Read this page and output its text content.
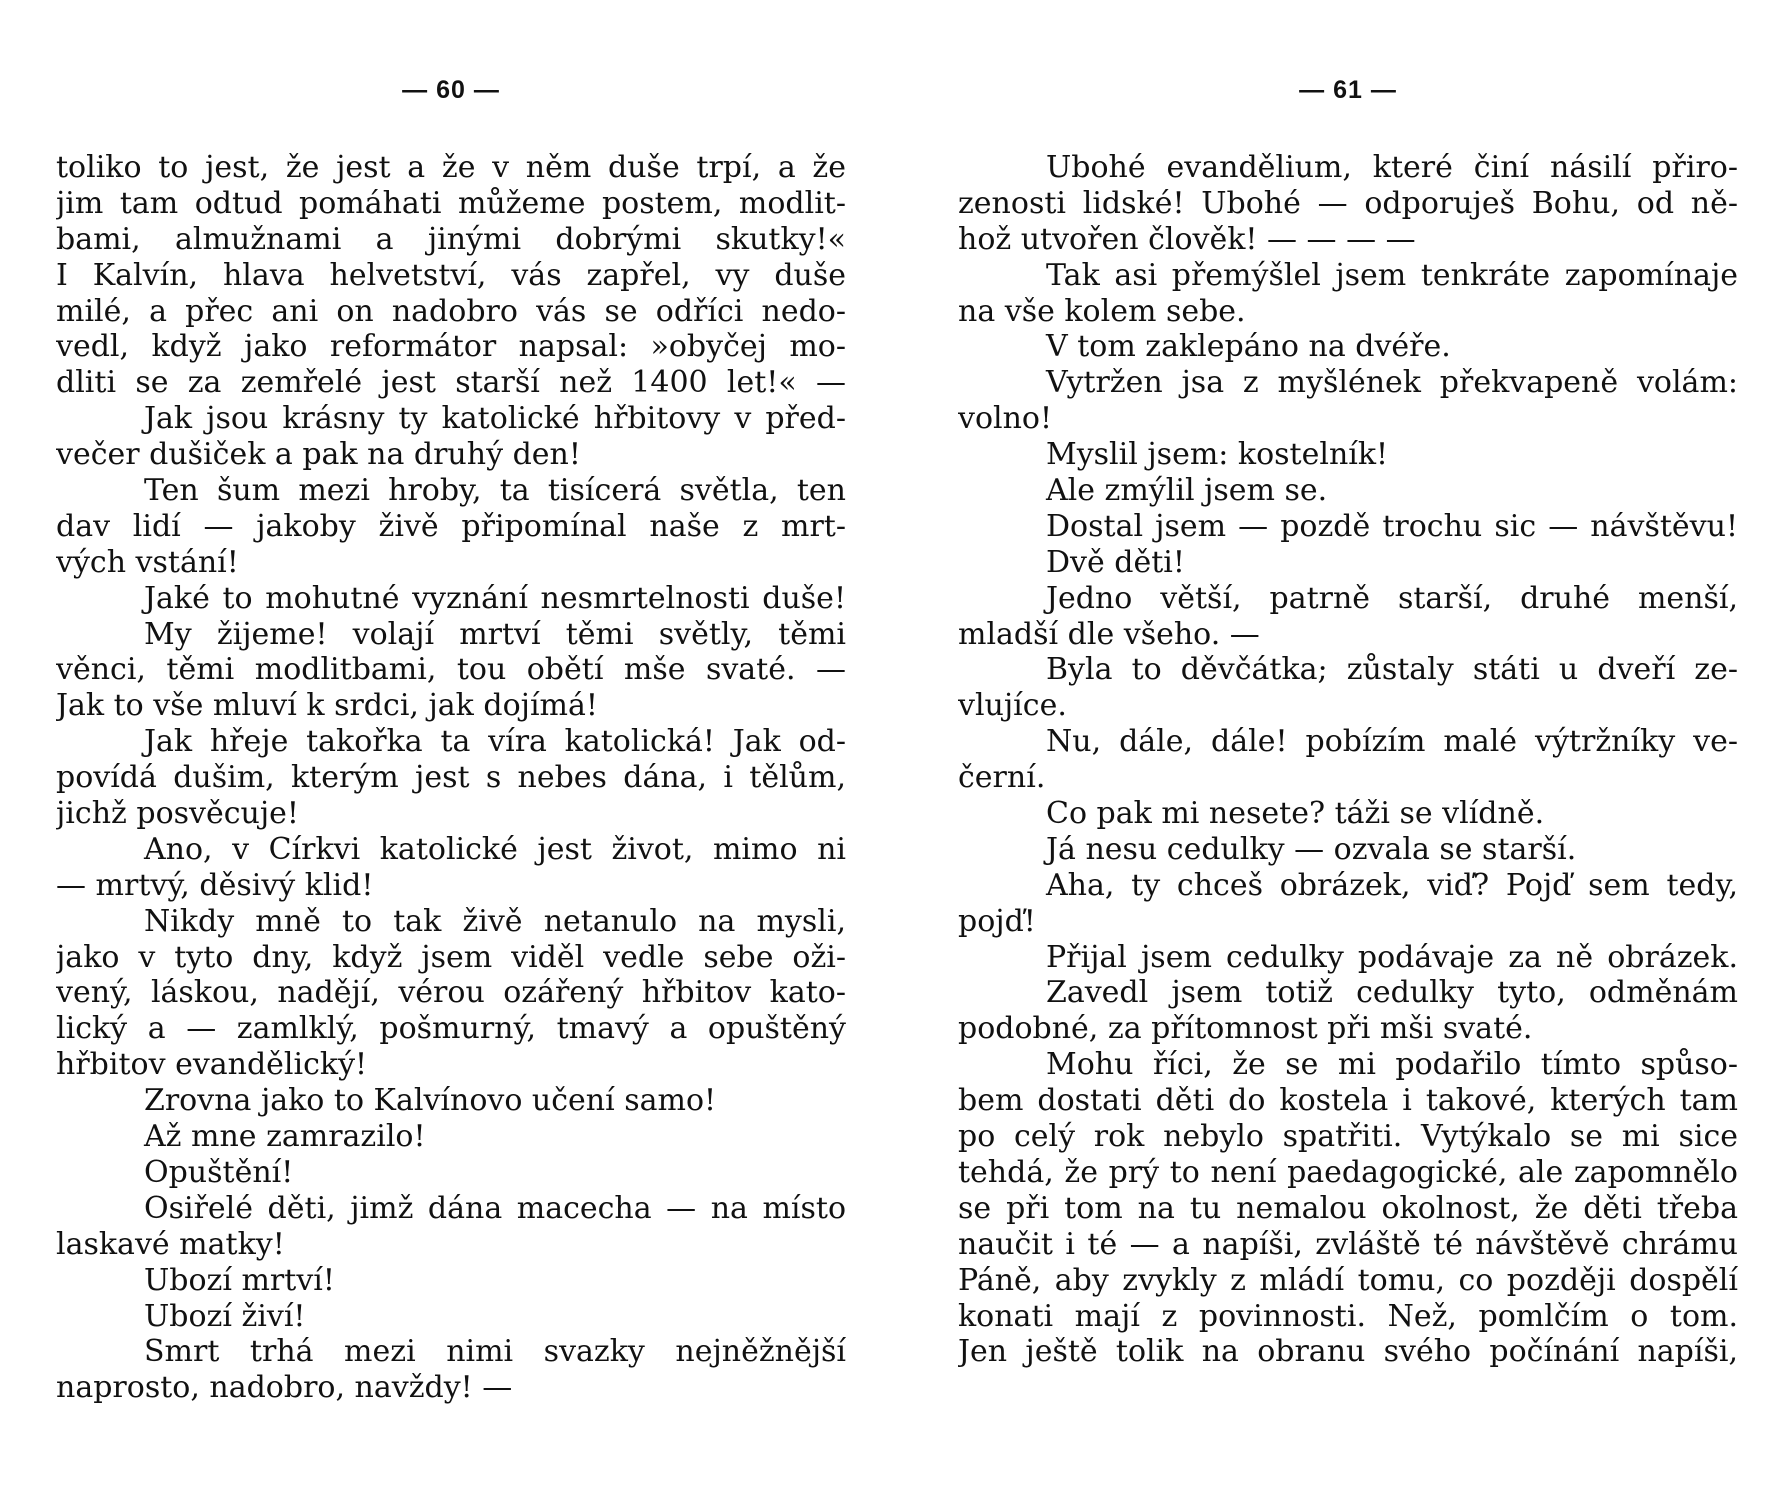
— 60 —
toliko to jest, že jest a že v něm duše trpí, a že
jim tam odtud pomáhati můžeme postem, modlit-
bami, almužnami a jinými dobrými skutky!«
I Kalvín, hlava helvetství, vás zapřel, vy duše
milé, a přec ani on nadobro vás se odříci nedo-
vedl, když jako reformátor napsal: »obyčej mo-
dliti se za zemřelé jest starší než 1400 let!« —
Jak jsou krásny ty katolické hřbitovy v před-
večer dušiček a pak na druhý den!
Ten šum mezi hroby, ta tisícerá světla, ten
dav lidí — jakoby živě připomínal naše z mrt-
vých vstání!
Jaké to mohutné vyznání nesmrtelnosti duše!
My žijeme! volají mrtví těmi světly, těmi
věnci, těmi modlitbami, tou obětí mše svaté. —
Jak to vše mluví k srdci, jak dojímá!
Jak hřeje takořka ta víra katolická! Jak od-
povídá dušim, kterým jest s nebes dána, i tělům,
jichž posvěcuje!
Ano, v Církvi katolické jest život, mimo ni
— mrtvý, děsivý klid!
Nikdy mně to tak živě netanulo na mysli,
jako v tyto dny, když jsem viděl vedle sebe oži-
vený, láskou, nadějí, vérou ozářený hřbitov kato-
lický a — zamlklý, pošmurný, tmavý a opuštěný
hřbitov evandělický!
Zrovna jako to Kalvínovo učení samo!
Až mne zamrazilo!
Opuštění!
Osiřelé děti, jimž dána macecha — na místo
laskavé matky!
Ubozí mrtví!
Ubozí živí!
Smrt trhá mezi nimi svazky nejněžnější
naprosto, nadobro, navždy! —
— 61 —
Ubohé evandělium, které činí násilí přiro-
zenosti lidské! Ubohé — odporuješ Bohu, od ně-
hož utvořen člověk! — — — —
Tak asi přemýšlel jsem tenkráte zapomínaje
na vše kolem sebe.
V tom zaklepáno na dvéře.
Vytržen jsa z myšlének překvapeně volám:
volno!
Myslil jsem: kostelník!
Ale zmýlil jsem se.
Dostal jsem — pozdě trochu sic — návštěvu!
Dvě děti!
Jedno větší, patrně starší, druhé menší,
mladší dle všeho. —
Byla to děvčátka; zůstaly státi u dveří ze-
vlujíce.
Nu, dále, dále! pobízím malé výtržníky ve-
černí.
Co pak mi nesete? táži se vlídně.
Já nesu cedulky — ozvala se starší.
Aha, ty chceš obrázek, viď? Pojď sem tedy,
pojď!
Přijal jsem cedulky podávaje za ně obrázek.
Zavedl jsem totiž cedulky tyto, odměnám
podobné, za přítomnost při mši svaté.
Mohu říci, že se mi podařilo tímto spůso-
bem dostati děti do kostela i takové, kterých tam
po celý rok nebylo spatřiti. Vytýkalo se mi sice
tehdá, že prý to není paedagogické, ale zapomnělo
se při tom na tu nemalou okolnost, že děti třeba
naučit i té — a napíši, zvláště té návštěvě chrámu
Páně, aby zvykly z mládí tomu, co později dospělí
konati mají z povinnosti. Než, pomlčím o tom.
Jen ještě tolik na obranu svého počínání napíši,
